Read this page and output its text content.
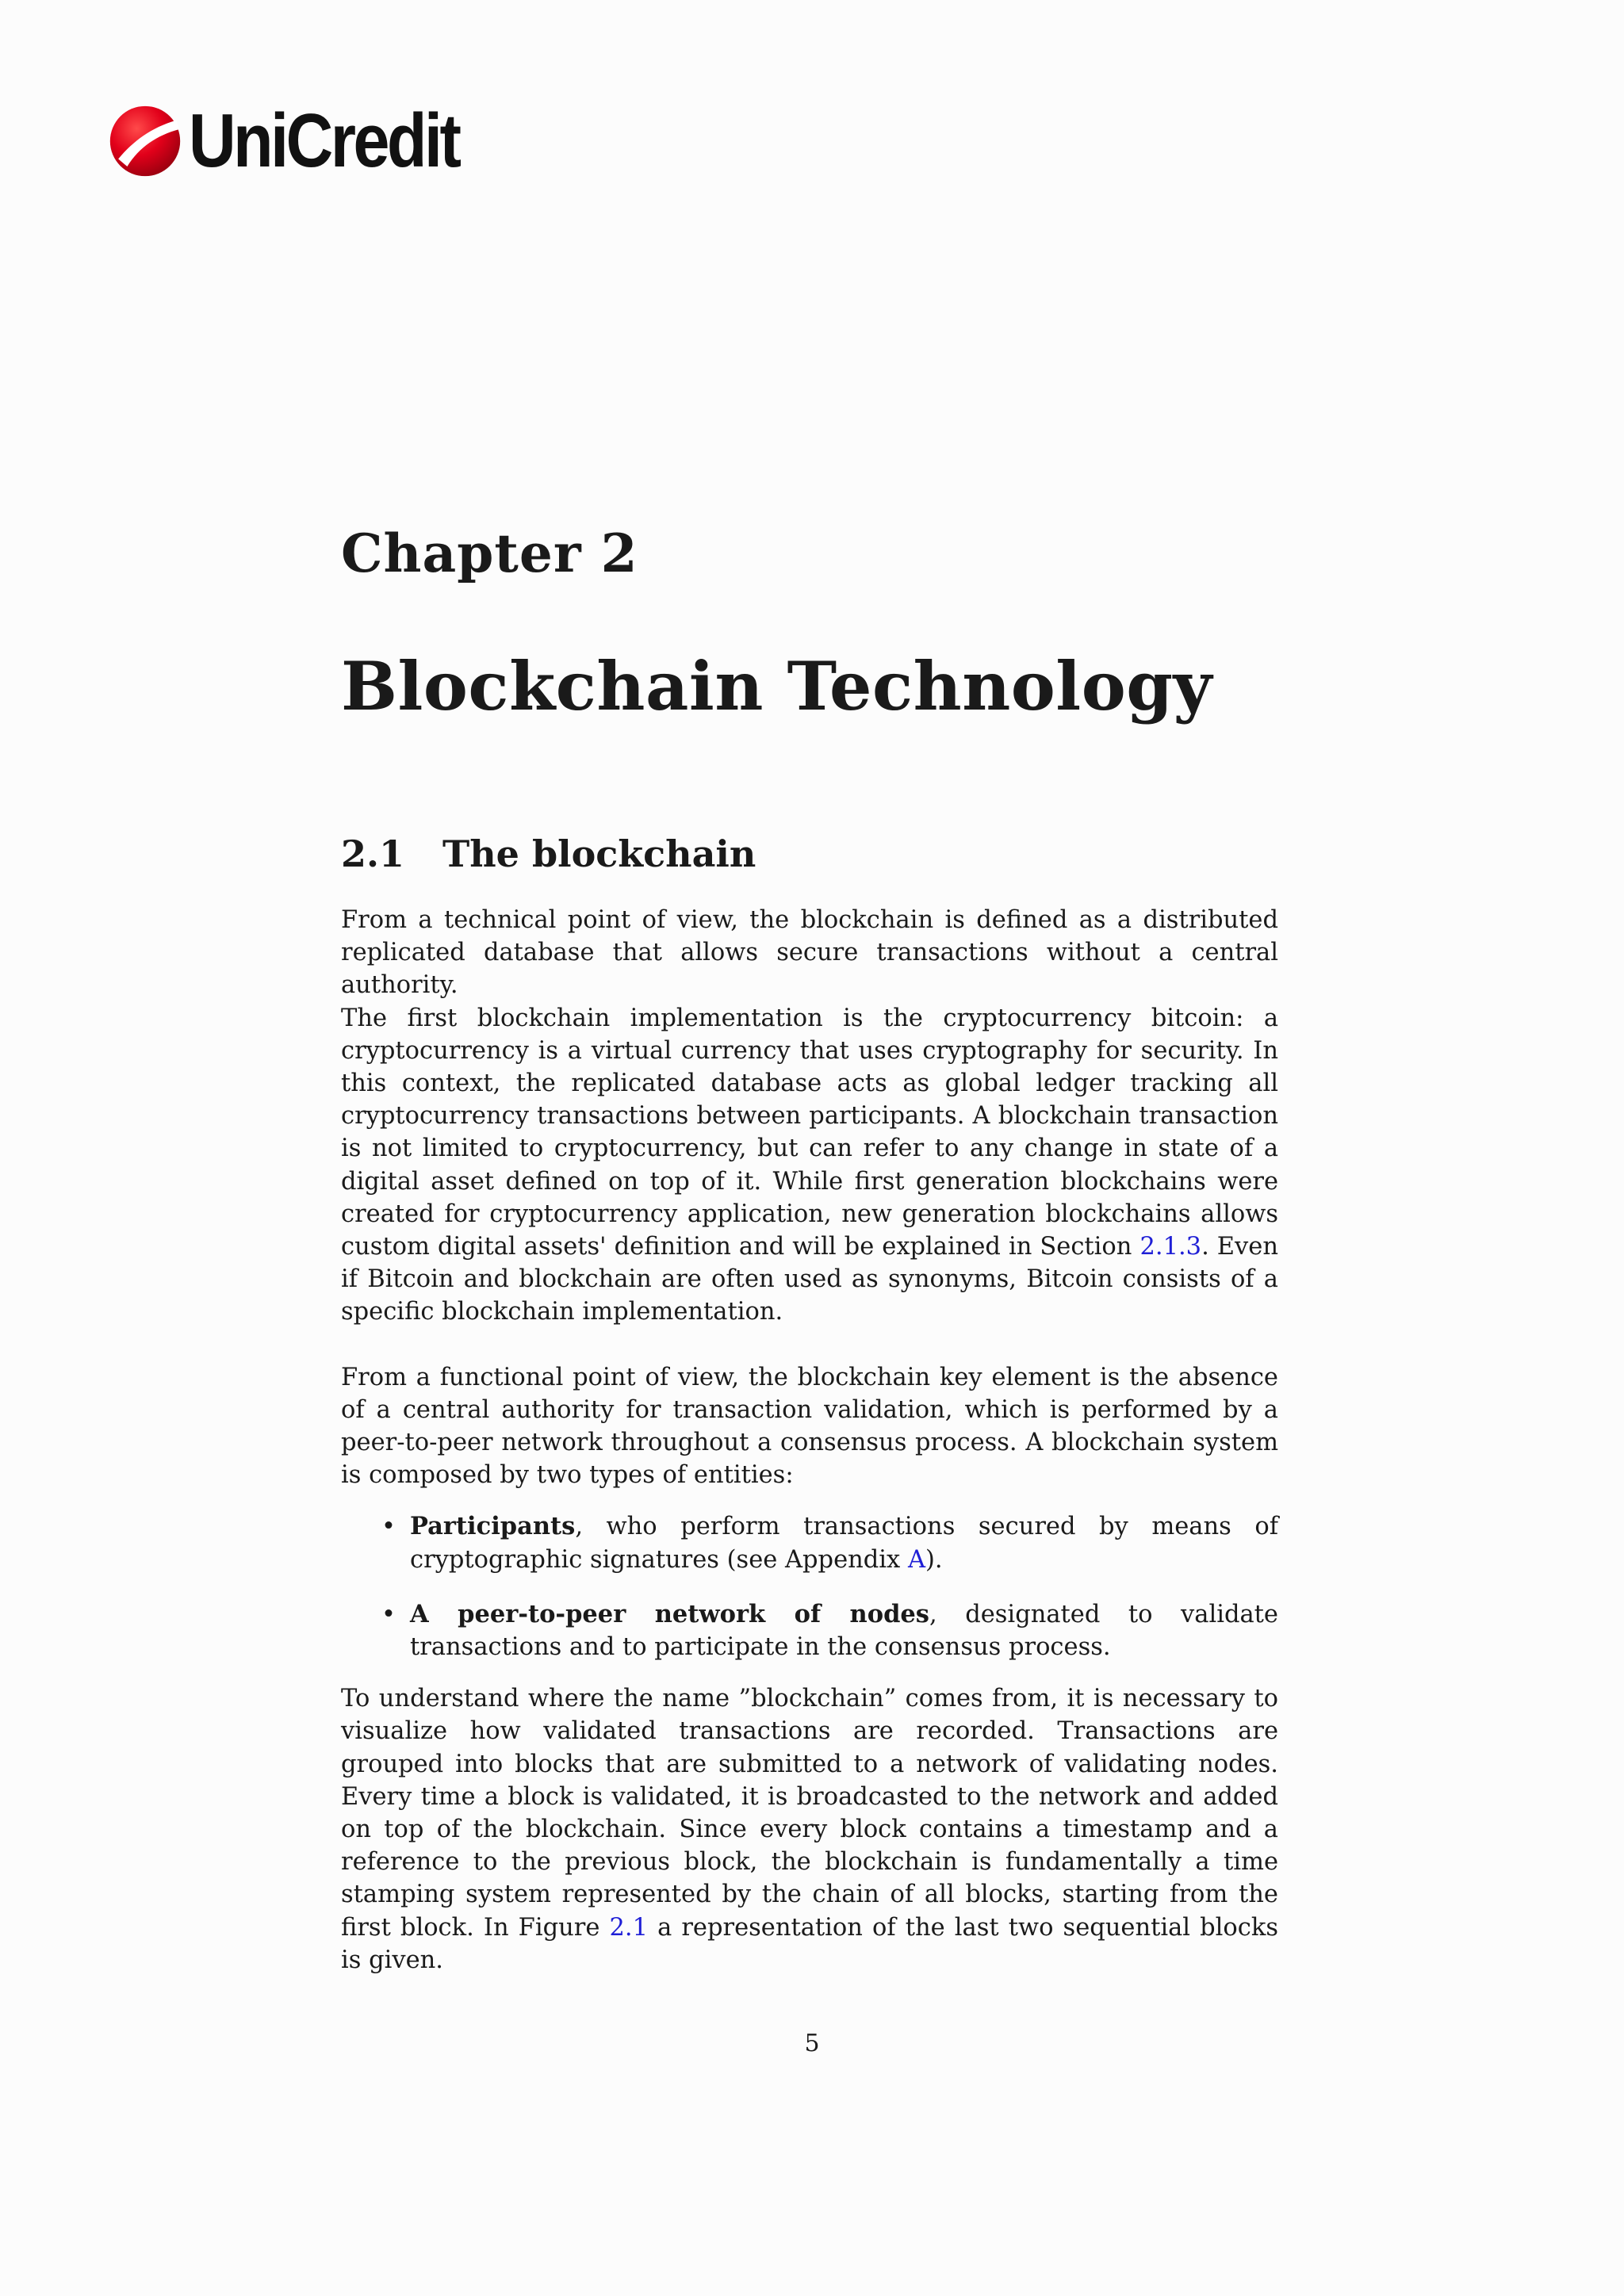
UniCredit
Chapter 2
Blockchain Technology
2.1	The blockchain

From a technical point of view, the blockchain is defined as a distributed replicated database that allows secure transactions without a central authority.

The first blockchain implementation is the cryptocurrency bitcoin: a cryptocurrency is a virtual currency that uses cryptography for security. In this context, the replicated database acts as global ledger tracking all cryptocurrency transactions between participants. A blockchain transaction is not limited to cryptocurrency, but can refer to any change in state of a digital asset defined on top of it. While first generation blockchains were created for cryptocurrency application, new generation blockchains allows custom digital assets' definition and will be explained in Section 2.1.3. Even if Bitcoin and blockchain are often used as synonyms, Bitcoin consists of a specific blockchain implementation.

From a functional point of view, the blockchain key element is the absence of a central authority for transaction validation, which is performed by a peer-to-peer network throughout a consensus process. A blockchain system is composed by two types of entities:

• Participants, who perform transactions secured by means of cryptographic signatures (see Appendix A).
• A peer-to-peer network of nodes, designated to validate transactions and to participate in the consensus process.

To understand where the name ”blockchain” comes from, it is necessary to visualize how validated transactions are recorded. Transactions are grouped into blocks that are submitted to a network of validating nodes. Every time a block is validated, it is broadcasted to the network and added on top of the blockchain. Since every block contains a timestamp and a reference to the previous block, the blockchain is fundamentally a time stamping system represented by the chain of all blocks, starting from the first block. In Figure 2.1 a representation of the last two sequential blocks is given.

5
